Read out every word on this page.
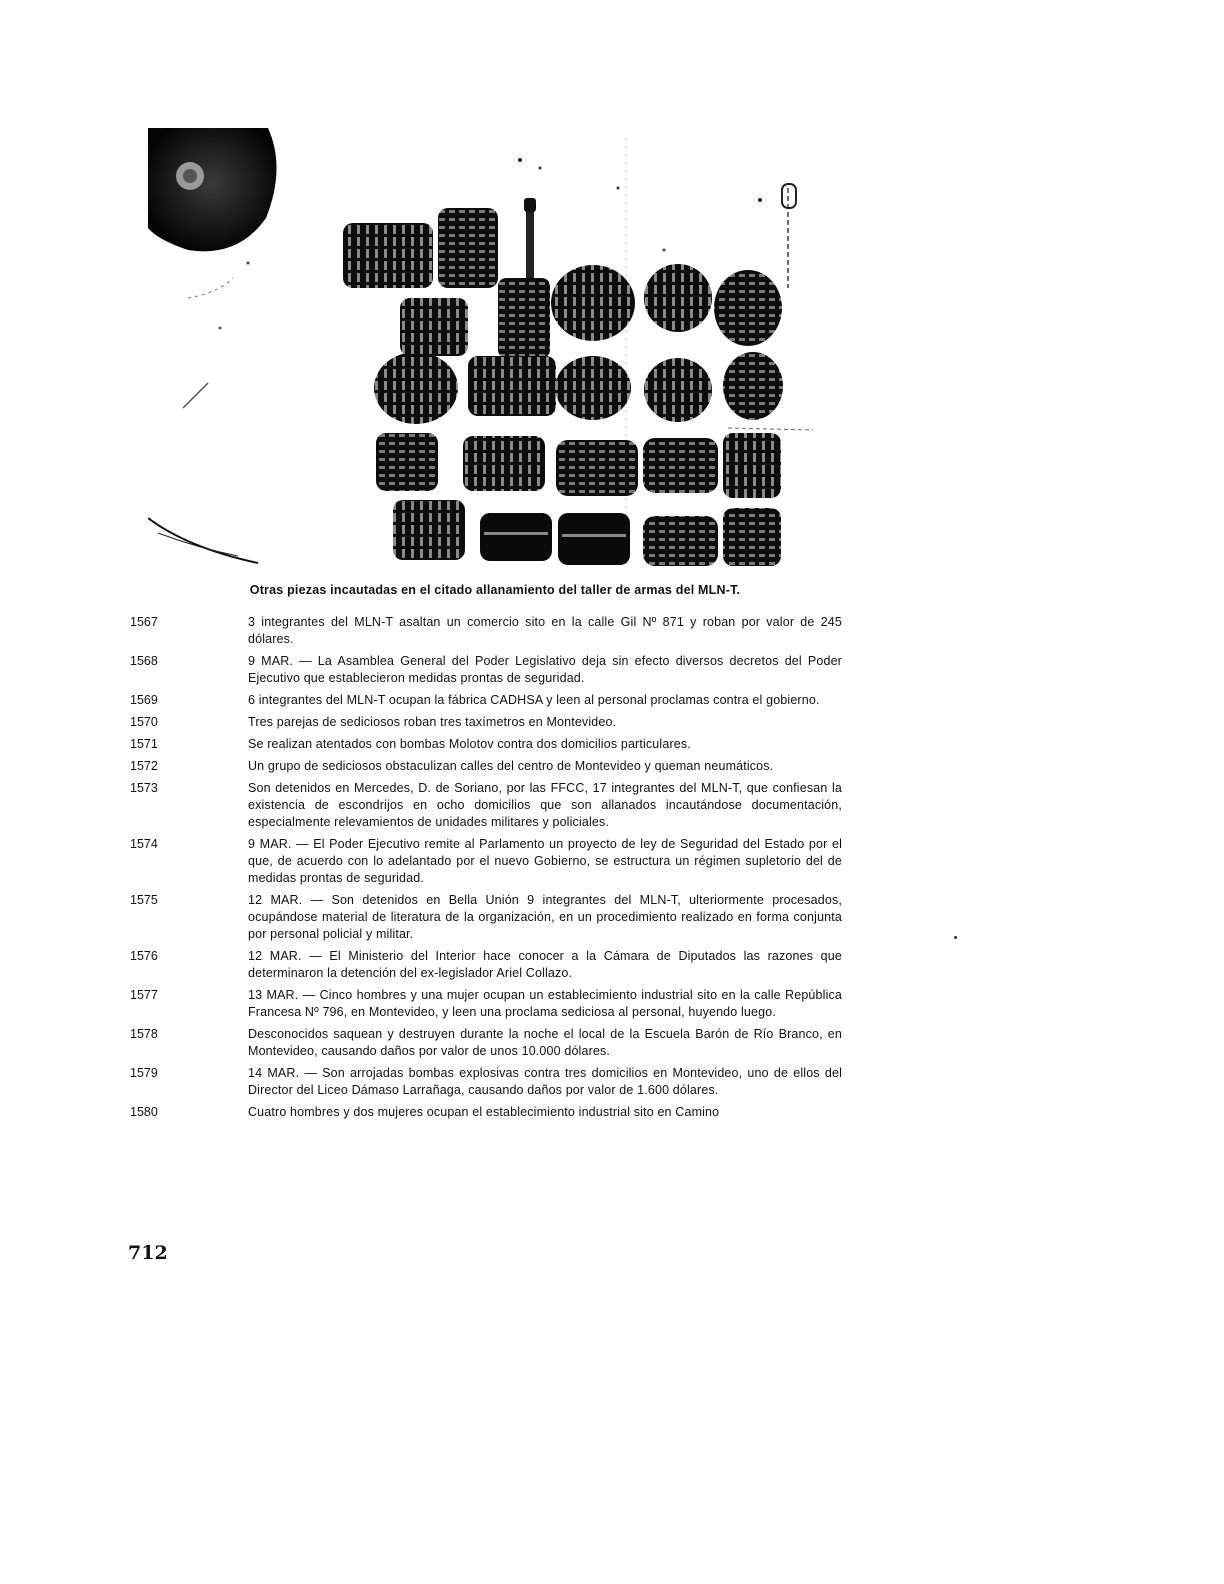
Otras piezas incautadas en el citado allanamiento del taller de armas del MLN-T.
1567	3 integrantes del MLN-T asaltan un comercio sito en la calle Gil Nº 871 y roban por valor de 245 dólares.
1568	9 MAR. — La Asamblea General del Poder Legislativo deja sin efecto diversos decretos del Poder Ejecutivo que establecieron medidas prontas de seguridad.
1569	6 integrantes del MLN-T ocupan la fábrica CADHSA y leen al personal proclamas contra el gobierno.
1570	Tres parejas de sediciosos roban tres taxímetros en Montevideo.
1571	Se realizan atentados con bombas Molotov contra dos domicilios particulares.
1572	Un grupo de sediciosos obstaculizan calles del centro de Montevideo y queman neumáticos.
1573	Son detenidos en Mercedes, D. de Soriano, por las FFCC, 17 integrantes del MLN-T, que confiesan la existencia de escondrijos en ocho domicilios que son allanados incautándose documentación, especialmente relevamientos de unidades militares y policiales.
1574	9 MAR. — El Poder Ejecutivo remite al Parlamento un proyecto de ley de Seguridad del Estado por el que, de acuerdo con lo adelantado por el nuevo Gobierno, se estructura un régimen supletorio del de medidas prontas de seguridad.
1575	12 MAR. — Son detenidos en Bella Unión 9 integrantes del MLN-T, ulteriormente procesados, ocupándose material de literatura de la organización, en un procedimiento realizado en forma conjunta por personal policial y militar.
1576	12 MAR. — El Ministerio del Interior hace conocer a la Cámara de Diputados las razones que determinaron la detención del ex-legislador Ariel Collazo.
1577	13 MAR. — Cinco hombres y una mujer ocupan un establecimiento industrial sito en la calle República Francesa Nº 796, en Montevideo, y leen una proclama sediciosa al personal, huyendo luego.
1578	Desconocidos saquean y destruyen durante la noche el local de la Escuela Barón de Río Branco, en Montevideo, causando daños por valor de unos 10.000 dólares.
1579	14 MAR. — Son arrojadas bombas explosivas contra tres domicilios en Montevideo, uno de ellos del Director del Liceo Dámaso Larrañaga, causando daños por valor de 1.600 dólares.
1580	Cuatro hombres y dos mujeres ocupan el establecimiento industrial sito en Camino
712
